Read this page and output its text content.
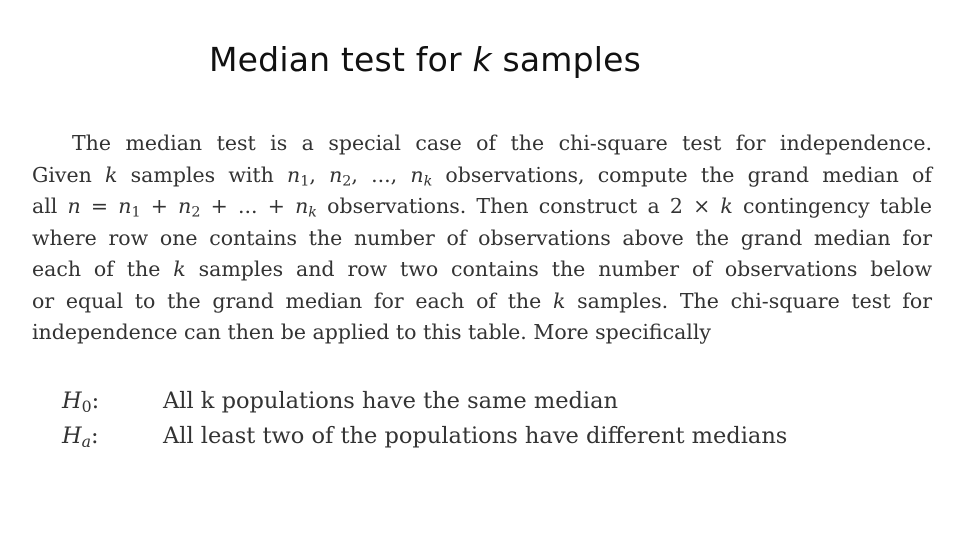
Median test for k samples
The median test is a special case of the chi-square test for independence.
Given k samples with $n_1$, $n_2$, ..., $n_k$ observations, compute the grand median of
all $n = n_1 + n_2$ + ... + $n_k$ observations. Then construct a 2 × k contingency table
where row one contains the number of observations above the grand median for
each of the k samples and row two contains the number of observations below
or equal to the grand median for each of the k samples. The chi-square test for
independence can then be applied to this table. More specifically
$H_0$:	All k populations have the same median
$H_a$:	All least two of the populations have different medians
